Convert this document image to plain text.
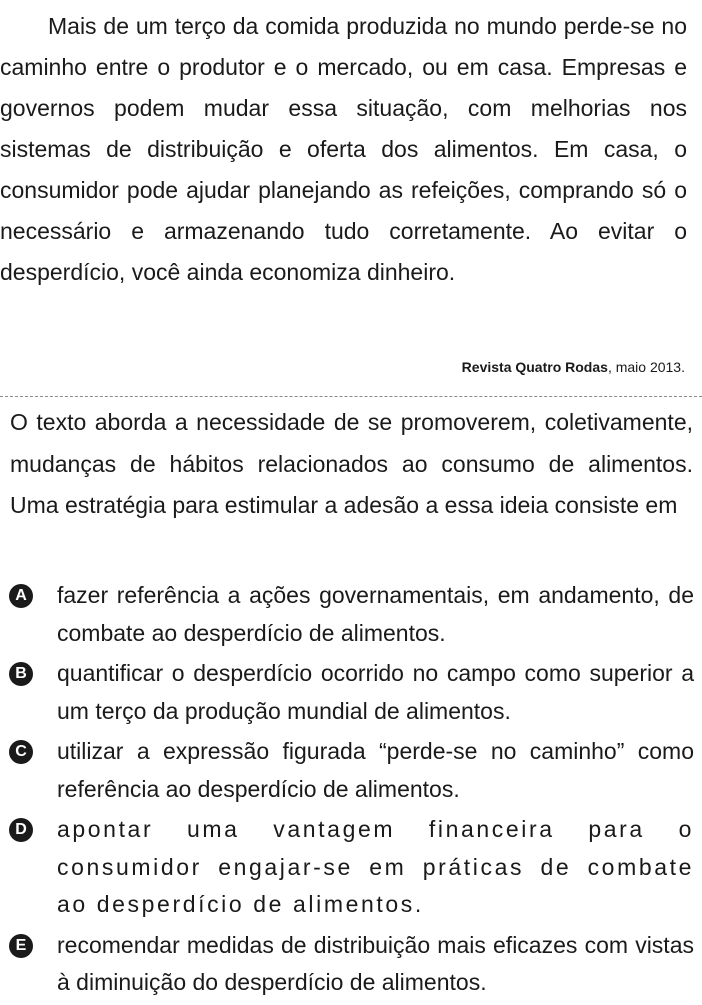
Mais de um terço da comida produzida no mundo perde-se no caminho entre o produtor e o mercado, ou em casa. Empresas e governos podem mudar essa situação, com melhorias nos sistemas de distribuição e oferta dos alimentos. Em casa, o consumidor pode ajudar planejando as refeições, comprando só o necessário e armazenando tudo corretamente. Ao evitar o desperdício, você ainda economiza dinheiro.

Revista Quatro Rodas, maio 2013.

O texto aborda a necessidade de se promoverem, coletivamente, mudanças de hábitos relacionados ao consumo de alimentos. Uma estratégia para estimular a adesão a essa ideia consiste em

A fazer referência a ações governamentais, em andamento, de combate ao desperdício de alimentos.
B quantificar o desperdício ocorrido no campo como superior a um terço da produção mundial de alimentos.
C utilizar a expressão figurada “perde-se no caminho” como referência ao desperdício de alimentos.
D apontar uma vantagem financeira para o consumidor engajar-se em práticas de combate ao desperdício de alimentos.
E recomendar medidas de distribuição mais eficazes com vistas à diminuição do desperdício de alimentos.
